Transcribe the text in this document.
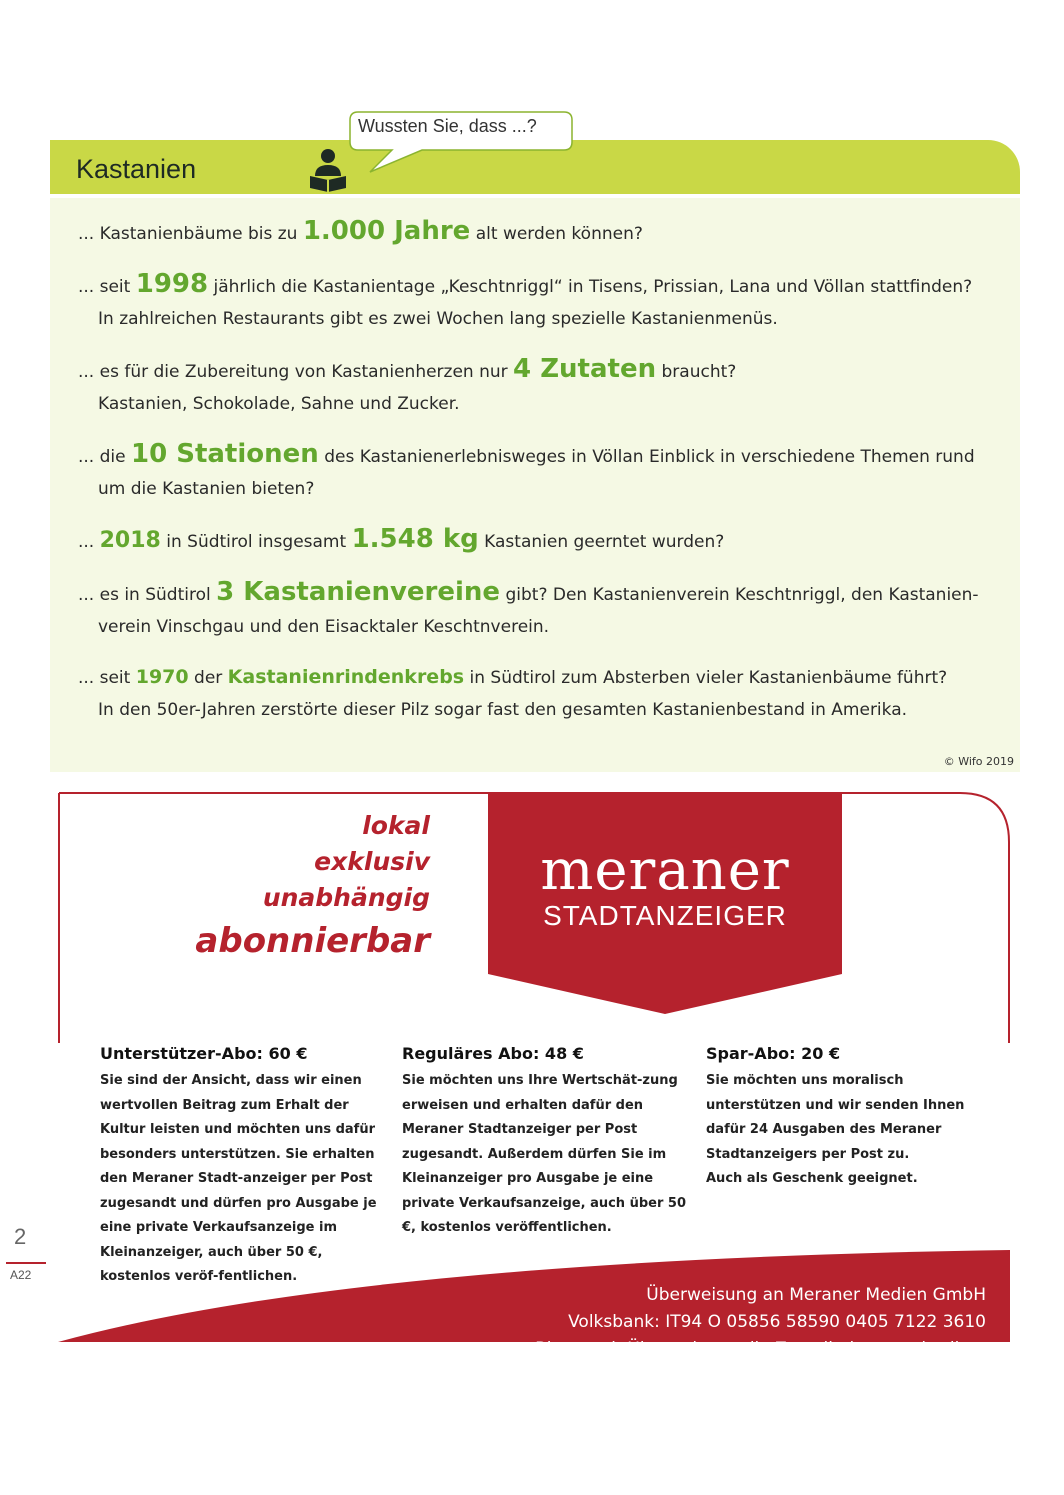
Kastanien
Wussten Sie, dass ...?
... Kastanienbäume bis zu 1.000 Jahre alt werden können?
... seit 1998 jährlich die Kastanientage „Keschtnriggl“ in Tisens, Prissian, Lana und Völlan stattfinden?
In zahlreichen Restaurants gibt es zwei Wochen lang spezielle Kastanienmenüs.
... es für die Zubereitung von Kastanienherzen nur 4 Zutaten braucht?
Kastanien, Schokolade, Sahne und Zucker.
... die 10 Stationen des Kastanienerlebnisweges in Völlan Einblick in verschiedene Themen rund
um die Kastanien bieten?
... 2018 in Südtirol insgesamt 1.548 kg Kastanien geerntet wurden?
... es in Südtirol 3 Kastanienvereine gibt? Den Kastanienverein Keschtnriggl, den Kastanien-
verein Vinschgau und den Eisacktaler Keschtnverein.
... seit 1970 der Kastanienrindenkrebs in Südtirol zum Absterben vieler Kastanienbäume führt?
In den 50er-Jahren zerstörte dieser Pilz sogar fast den gesamten Kastanienbestand in Amerika.
© Wifo 2019
lokal
exklusiv
unabhängig
abonnierbar
meraner
STADTANZEIGER
Unterstützer-Abo: 60 €

Sie sind der Ansicht, dass wir einen wertvollen Beitrag zum Erhalt der Kultur leisten und möchten uns dafür besonders unterstützen. Sie erhalten den Meraner Stadt-anzeiger per Post zugesandt und dürfen pro Ausgabe je eine private Verkaufsanzeige im Kleinanzeiger, auch über 50 €, kostenlos veröf-fentlichen.

Reguläres Abo: 48 €

Sie möchten uns Ihre Wertschät-zung erweisen und erhalten dafür den Meraner Stadtanzeiger per Post zugesandt. Außerdem dürfen Sie im Kleinanzeiger pro Ausgabe je eine private Verkaufsanzeige, auch über 50 €, kostenlos veröffentlichen.

Spar-Abo: 20 €

Sie möchten uns moralisch unterstützen und wir senden Ihnen dafür 24 Ausgaben des Meraner Stadtanzeigers per Post zu.

Auch als Geschenk geeignet.

Überweisung an Meraner Medien GmbH
Volksbank: IT94 O 05856 58590 0405 7122 3610
Bitte nach Überweisung die Zustelladresse mitteilen.
2
A22
